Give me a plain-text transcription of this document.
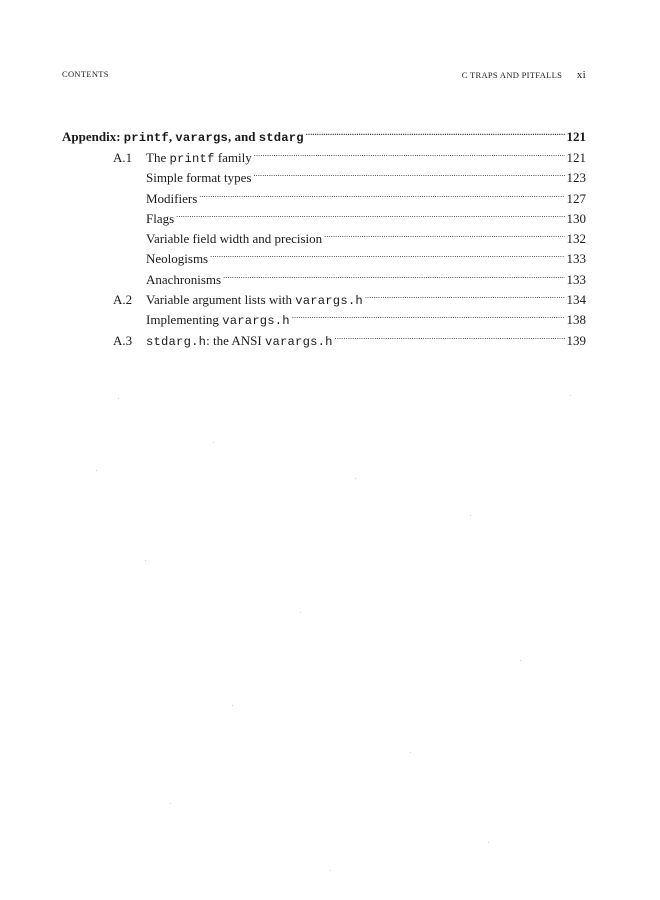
CONTENTS	C TRAPS AND PITFALLS xi
Appendix: printf, varargs, and stdarg .....	121
A.1	The printf family .....	121
Simple format types .....	123
Modifiers .....	127
Flags .....	130
Variable field width and precision .....	132
Neologisms .....	133
Anachronisms .....	133
A.2	Variable argument lists with varargs.h .....	134
Implementing varargs.h .....	138
A.3	stdarg.h: the ANSI varargs.h .....	139
